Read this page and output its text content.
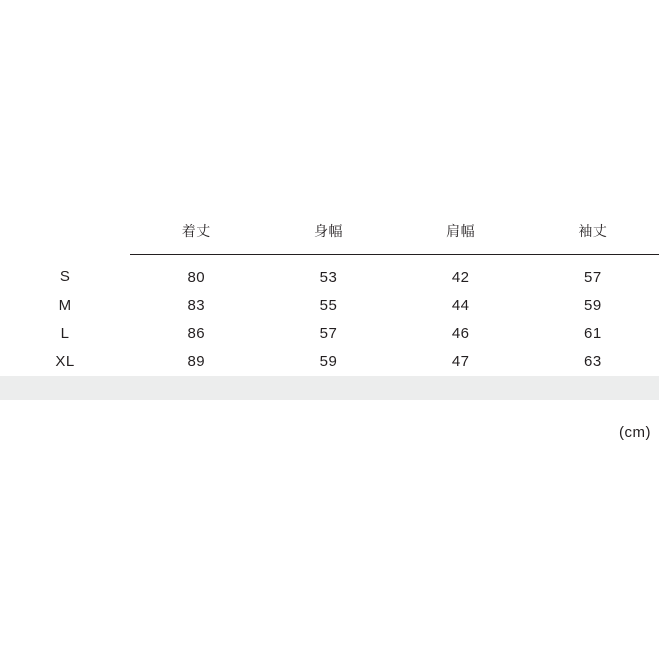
	着丈	身幅	肩幅	袖丈
S	80	53	42	57
M	83	55	44	59
L	86	57	46	61
XL	89	59	47	63
(cm)
